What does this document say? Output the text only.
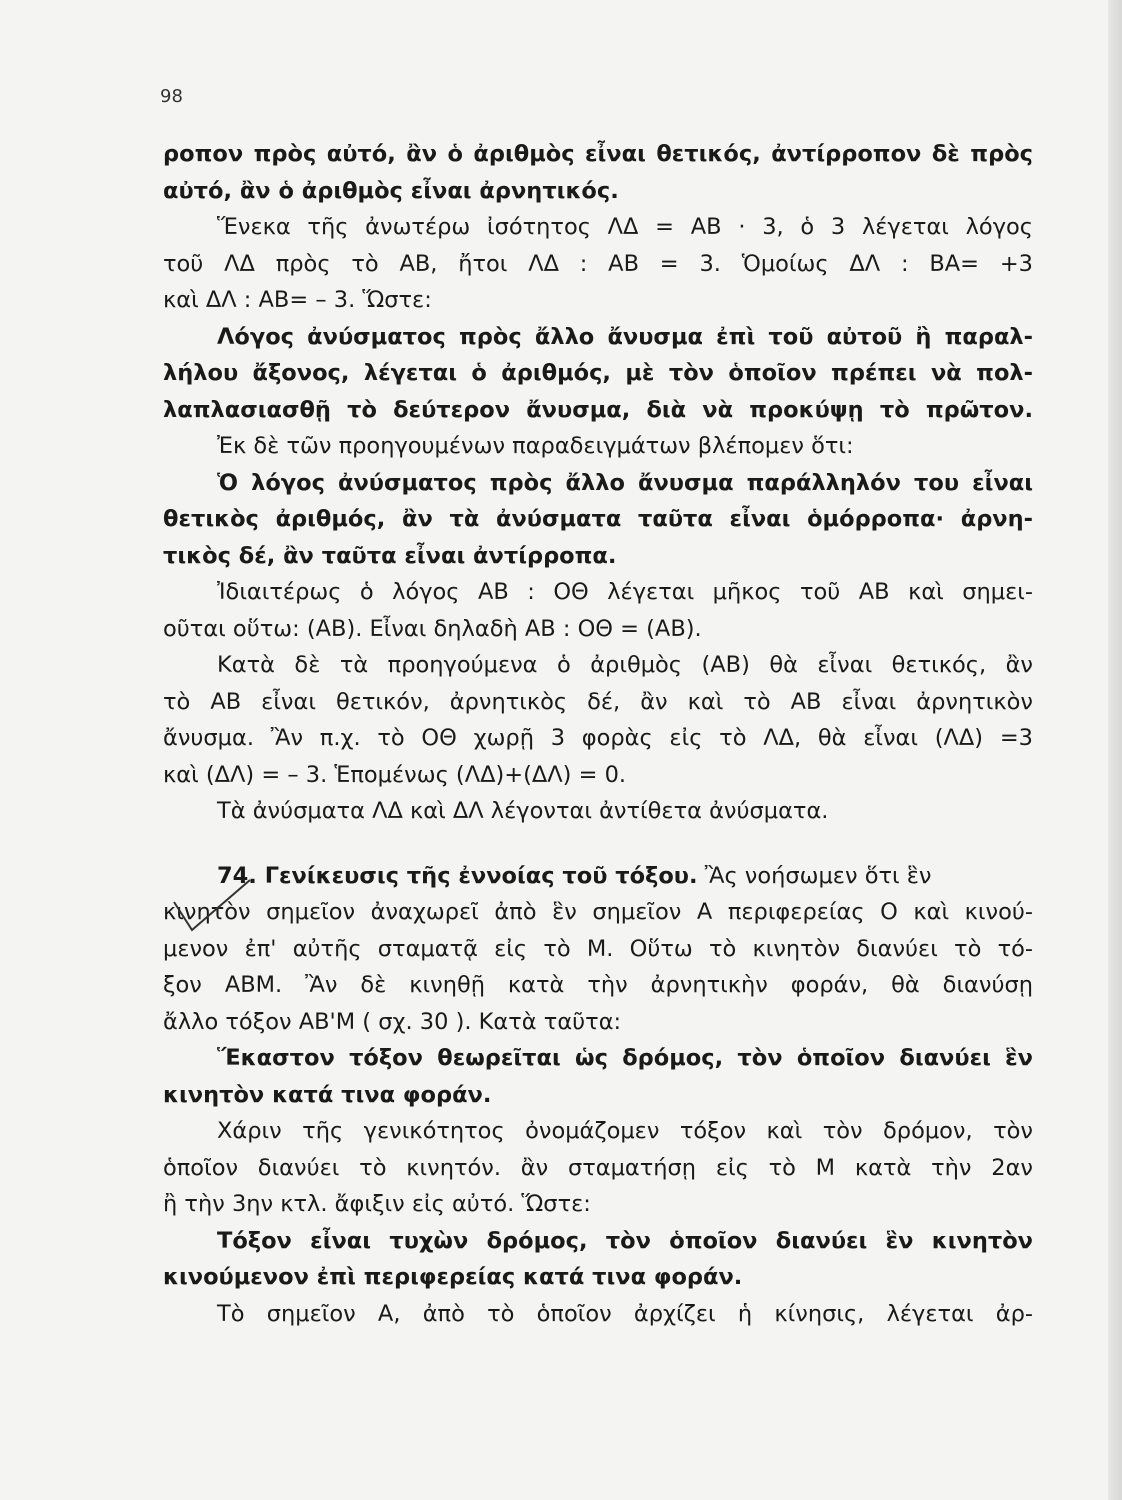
98
ροπον πρὸς αὐτό, ἂν ὁ ἀριθμὸς εἶναι θετικός, ἀντίρροπον δὲ πρὸς
αὐτό, ἂν ὁ ἀριθμὸς εἶναι ἀρνητικός.
Ἕνεκα τῆς ἀνωτέρω ἰσότητος ΛΔ = ΑΒ · 3, ὁ 3 λέγεται λόγος
τοῦ ΛΔ πρὸς τὸ ΑΒ, ἤτοι ΛΔ : ΑΒ = 3. Ὁμοίως ΔΛ : ΒΑ= +3
καὶ ΔΛ : ΑΒ= – 3. Ὥστε:
Λόγος ἀνύσματος πρὸς ἄλλο ἄνυσμα ἐπὶ τοῦ αὐτοῦ ἢ παραλ-
λήλου ἄξονος, λέγεται ὁ ἀριθμός, μὲ τὸν ὁποῖον πρέπει νὰ πολ-
λαπλασιασθῇ τὸ δεύτερον ἄνυσμα, διὰ νὰ προκύψῃ τὸ πρῶτον.
Ἐκ δὲ τῶν προηγουμένων παραδειγμάτων βλέπομεν ὅτι:
Ὁ λόγος ἀνύσματος πρὸς ἄλλο ἄνυσμα παράλληλόν του εἶναι
θετικὸς ἀριθμός, ἂν τὰ ἀνύσματα ταῦτα εἶναι ὁμόρροπα· ἀρνη-
τικὸς δέ, ἂν ταῦτα εἶναι ἀντίρροπα.
Ἰδιαιτέρως ὁ λόγος ΑΒ : ΟΘ λέγεται μῆκος τοῦ ΑΒ καὶ σημει-
οῦται οὕτω: (ΑΒ). Εἶναι δηλαδὴ ΑΒ : ΟΘ = (ΑΒ).
Κατὰ δὲ τὰ προηγούμενα ὁ ἀριθμὸς (ΑΒ) θὰ εἶναι θετικός, ἂν
τὸ ΑΒ εἶναι θετικόν, ἀρνητικὸς δέ, ἂν καὶ τὸ ΑΒ εἶναι ἀρνητικὸν
ἄνυσμα. Ἂν π.χ. τὸ ΟΘ χωρῇ 3 φορὰς εἰς τὸ ΛΔ, θὰ εἶναι (ΛΔ) =3
καὶ (ΔΛ) = – 3. Ἑπομένως (ΛΔ)+(ΔΛ) = 0.
Τὰ ἀνύσματα ΛΔ καὶ ΔΛ λέγονται ἀντίθετα ἀνύσματα.
74. Γενίκευσις τῆς ἐννοίας τοῦ τόξου. Ἂς νοήσωμεν ὅτι ἓν
κινητὸν σημεῖον ἀναχωρεῖ ἀπὸ ἓν σημεῖον Α περιφερείας Ο καὶ κινού-
μενον ἐπ' αὐτῆς σταματᾷ εἰς τὸ Μ. Οὕτω τὸ κινητὸν διανύει τὸ τό-
ξον ΑΒΜ. Ἂν δὲ κινηθῇ κατὰ τὴν ἀρνητικὴν φοράν, θὰ διανύσῃ
ἄλλο τόξον ΑΒ'Μ ( σχ. 30 ). Κατὰ ταῦτα:
Ἕκαστον τόξον θεωρεῖται ὡς δρόμος, τὸν ὁποῖον διανύει ἓν
κινητὸν κατά τινα φοράν.
Χάριν τῆς γενικότητος ὀνομάζομεν τόξον καὶ τὸν δρόμον, τὸν
ὁποῖον διανύει τὸ κινητόν. ἂν σταματήσῃ εἰς τὸ Μ κατὰ τὴν 2αν
ἢ τὴν 3ην κτλ. ἄφιξιν εἰς αὐτό. Ὥστε:
Τόξον εἶναι τυχὼν δρόμος, τὸν ὁποῖον διανύει ἓν κινητὸν
κινούμενον ἐπὶ περιφερείας κατά τινα φοράν.
Τὸ σημεῖον Α, ἀπὸ τὸ ὁποῖον ἀρχίζει ἡ κίνησις, λέγεται ἀρ-
